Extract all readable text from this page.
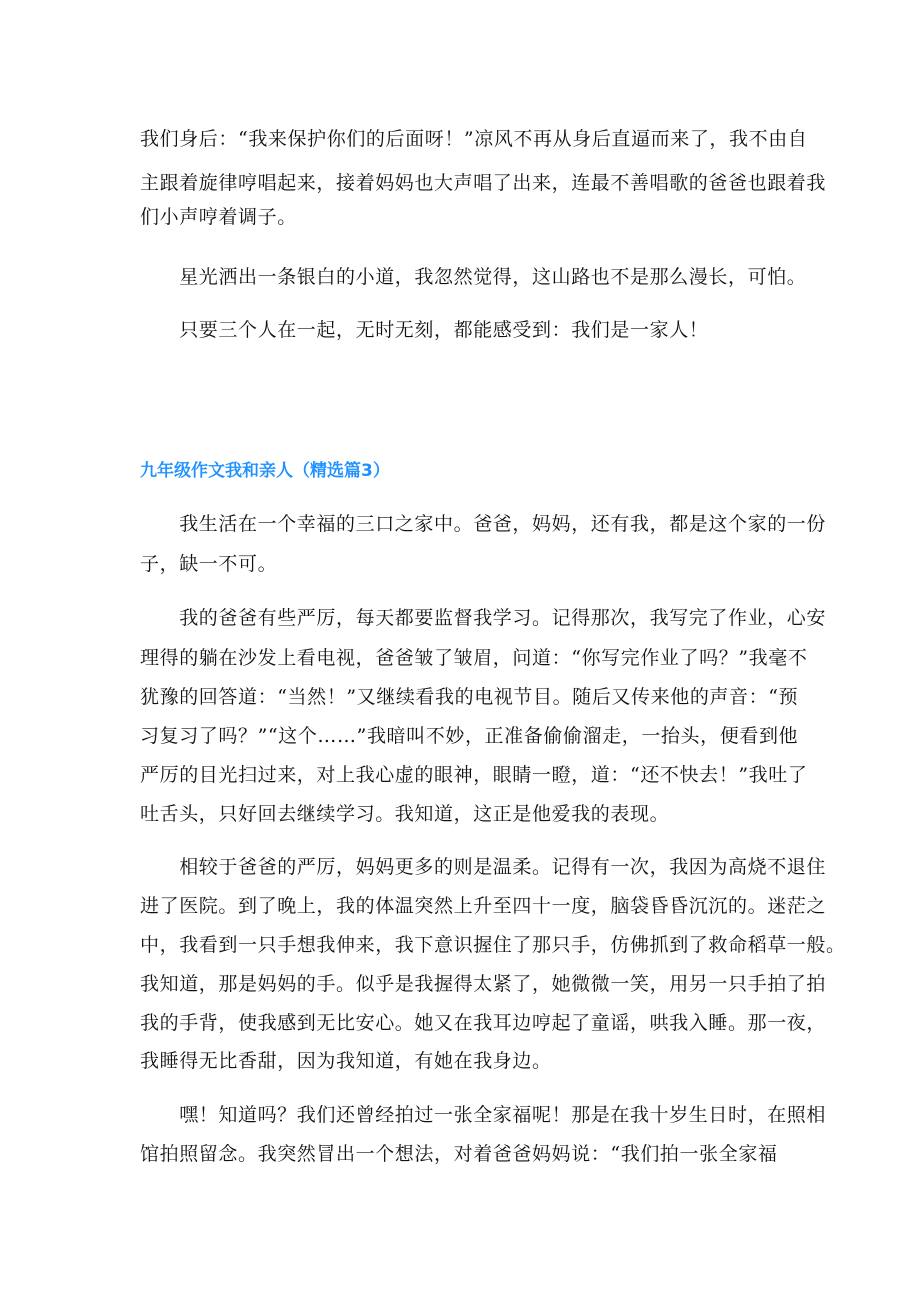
我们身后：“我来保护你们的后面呀！”凉风不再从身后直逼而来了，我不由自
主跟着旋律哼唱起来，接着妈妈也大声唱了出来，连最不善唱歌的爸爸也跟着我
们小声哼着调子。
　　星光洒出一条银白的小道，我忽然觉得，这山路也不是那么漫长，可怕。
　　只要三个人在一起，无时无刻，都能感受到：我们是一家人！
九年级作文我和亲人（精选篇3）
　　我生活在一个幸福的三口之家中。爸爸，妈妈，还有我，都是这个家的一份
子，缺一不可。
　　我的爸爸有些严厉，每天都要监督我学习。记得那次，我写完了作业，心安
理得的躺在沙发上看电视，爸爸皱了皱眉，问道：“你写完作业了吗？”我毫不
犹豫的回答道：“当然！”又继续看我的电视节目。随后又传来他的声音：“预
习复习了吗？”“这个……”我暗叫不妙，正准备偷偷溜走，一抬头，便看到他
严厉的目光扫过来，对上我心虚的眼神，眼睛一瞪，道：“还不快去！”我吐了
吐舌头，只好回去继续学习。我知道，这正是他爱我的表现。
　　相较于爸爸的严厉，妈妈更多的则是温柔。记得有一次，我因为高烧不退住
进了医院。到了晚上，我的体温突然上升至四十一度，脑袋昏昏沉沉的。迷茫之
中，我看到一只手想我伸来，我下意识握住了那只手，仿佛抓到了救命稻草一般。
我知道，那是妈妈的手。似乎是我握得太紧了，她微微一笑，用另一只手拍了拍
我的手背，使我感到无比安心。她又在我耳边哼起了童谣，哄我入睡。那一夜，
我睡得无比香甜，因为我知道，有她在我身边。
　　嘿！知道吗？我们还曾经拍过一张全家福呢！那是在我十岁生日时，在照相
馆拍照留念。我突然冒出一个想法，对着爸爸妈妈说：“我们拍一张全家福
